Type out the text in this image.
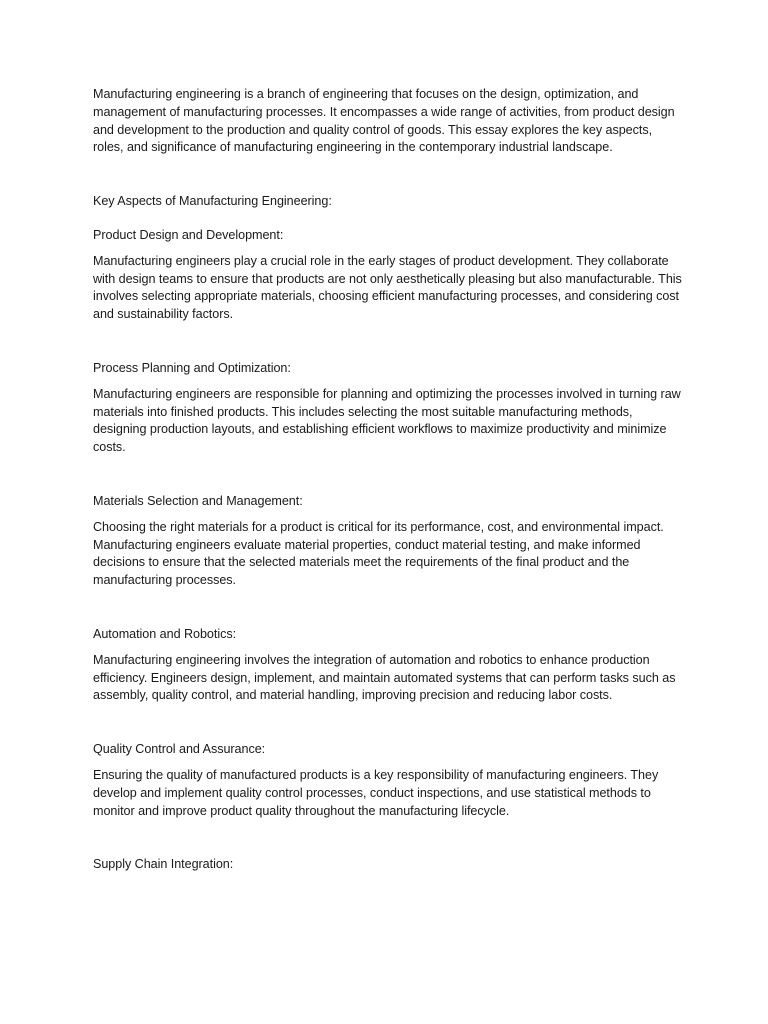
Manufacturing engineering is a branch of engineering that focuses on the design, optimization, and management of manufacturing processes. It encompasses a wide range of activities, from product design and development to the production and quality control of goods. This essay explores the key aspects, roles, and significance of manufacturing engineering in the contemporary industrial landscape.

Key Aspects of Manufacturing Engineering:

Product Design and Development:

Manufacturing engineers play a crucial role in the early stages of product development. They collaborate with design teams to ensure that products are not only aesthetically pleasing but also manufacturable. This involves selecting appropriate materials, choosing efficient manufacturing processes, and considering cost and sustainability factors.

Process Planning and Optimization:

Manufacturing engineers are responsible for planning and optimizing the processes involved in turning raw materials into finished products. This includes selecting the most suitable manufacturing methods, designing production layouts, and establishing efficient workflows to maximize productivity and minimize costs.

Materials Selection and Management:

Choosing the right materials for a product is critical for its performance, cost, and environmental impact. Manufacturing engineers evaluate material properties, conduct material testing, and make informed decisions to ensure that the selected materials meet the requirements of the final product and the manufacturing processes.

Automation and Robotics:

Manufacturing engineering involves the integration of automation and robotics to enhance production efficiency. Engineers design, implement, and maintain automated systems that can perform tasks such as assembly, quality control, and material handling, improving precision and reducing labor costs.

Quality Control and Assurance:

Ensuring the quality of manufactured products is a key responsibility of manufacturing engineers. They develop and implement quality control processes, conduct inspections, and use statistical methods to monitor and improve product quality throughout the manufacturing lifecycle.

Supply Chain Integration:
